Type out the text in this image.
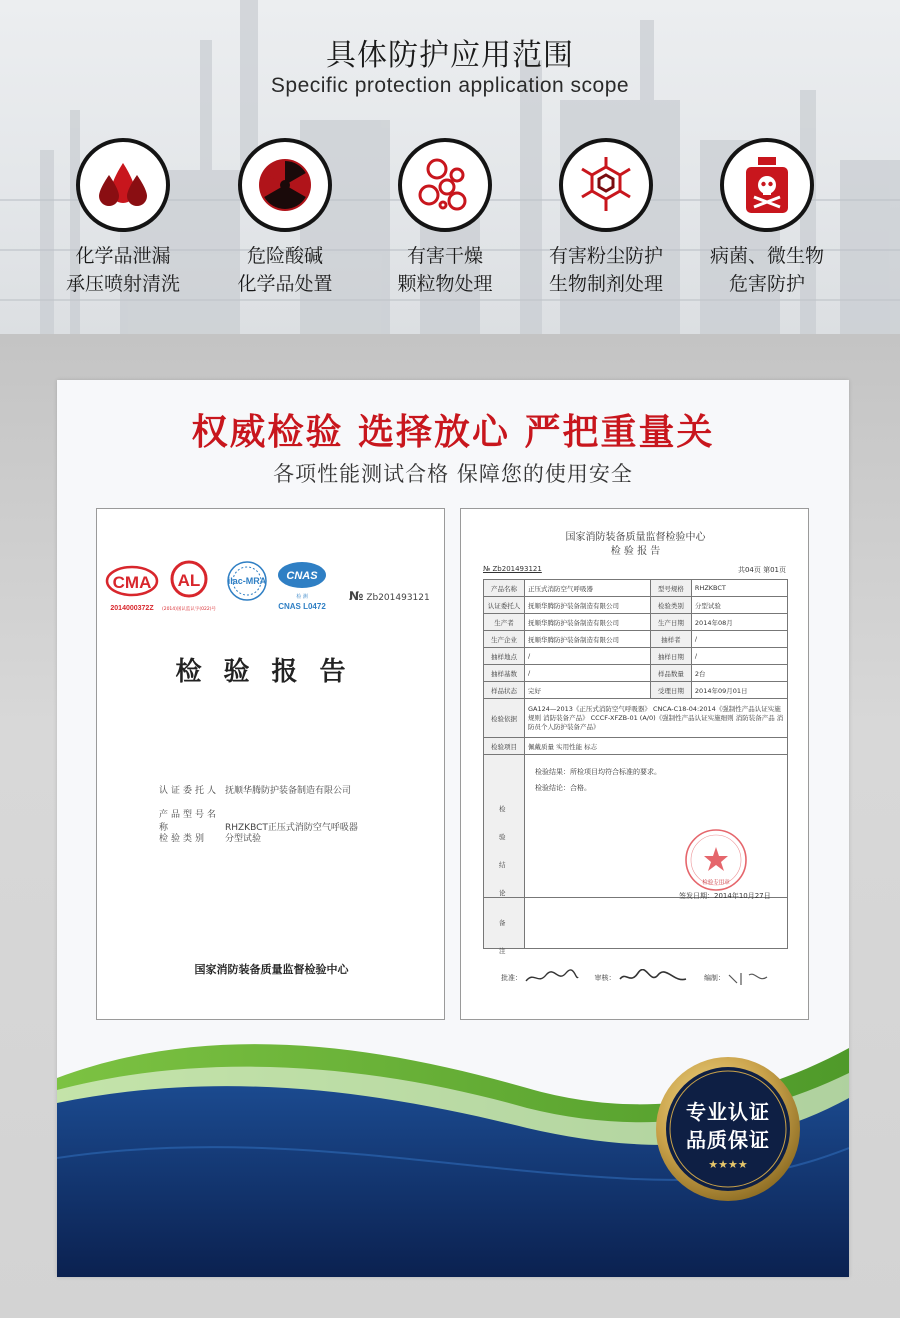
具体防护应用范围
Specific protection application scope
化学品泄漏
承压喷射清洗
危险酸碱
化学品处置
有害干燥
颗粒物处理
有害粉尘防护
生物制剂处理
病菌、微生物
危害防护
权威检验 选择放心 严把重量关
各项性能测试合格 保障您的使用安全
CMA
2014000372Z
AL
(2014)国认监认字(022)号
ilac-MRA CNAS
检 测
CNAS L0472
№ Zb201493121
检验报告
认证委托人 抚顺华腾防护装备制造有限公司
产品型号名称	RHZKBCT正压式消防空气呼吸器
检验类别 分型试验
国家消防装备质量监督检验中心
国家消防装备质量监督检验中心
检 验 报 告
№ Zb201493121	共04页 第01页
产品名称	正压式消防空气呼吸器	型号规格	RHZKBCT
认证委托人	抚顺华腾防护装备制造有限公司	检验类别	分型试验
生产者	抚顺华腾防护装备制造有限公司	生产日期	2014年08月
生产企业	抚顺华腾防护装备制造有限公司	抽样者	/
抽样地点	/	抽样日期	/
抽样基数	/	样品数量	2台
样品状态	完好	受理日期	2014年09月01日
检验依据	GA124—2013《正压式消防空气呼吸器》 CNCA-C18-04:2014《强制性产品认证实施规则 消防装备产品》 CCCF-XFZB-01 (A/0)《强制性产品认证实施细则 消防装备产品 消防员个人防护装备产品》		
检验项目	佩戴质量 实用性能 标志		

检验结论
备注
检验结果：所检项目均符合标准的要求。
检验结论：合格。
检验专用章
签发日期：2014年10月27日
批准：	审核：	编制：
★★★★
专业认证
品质保证
